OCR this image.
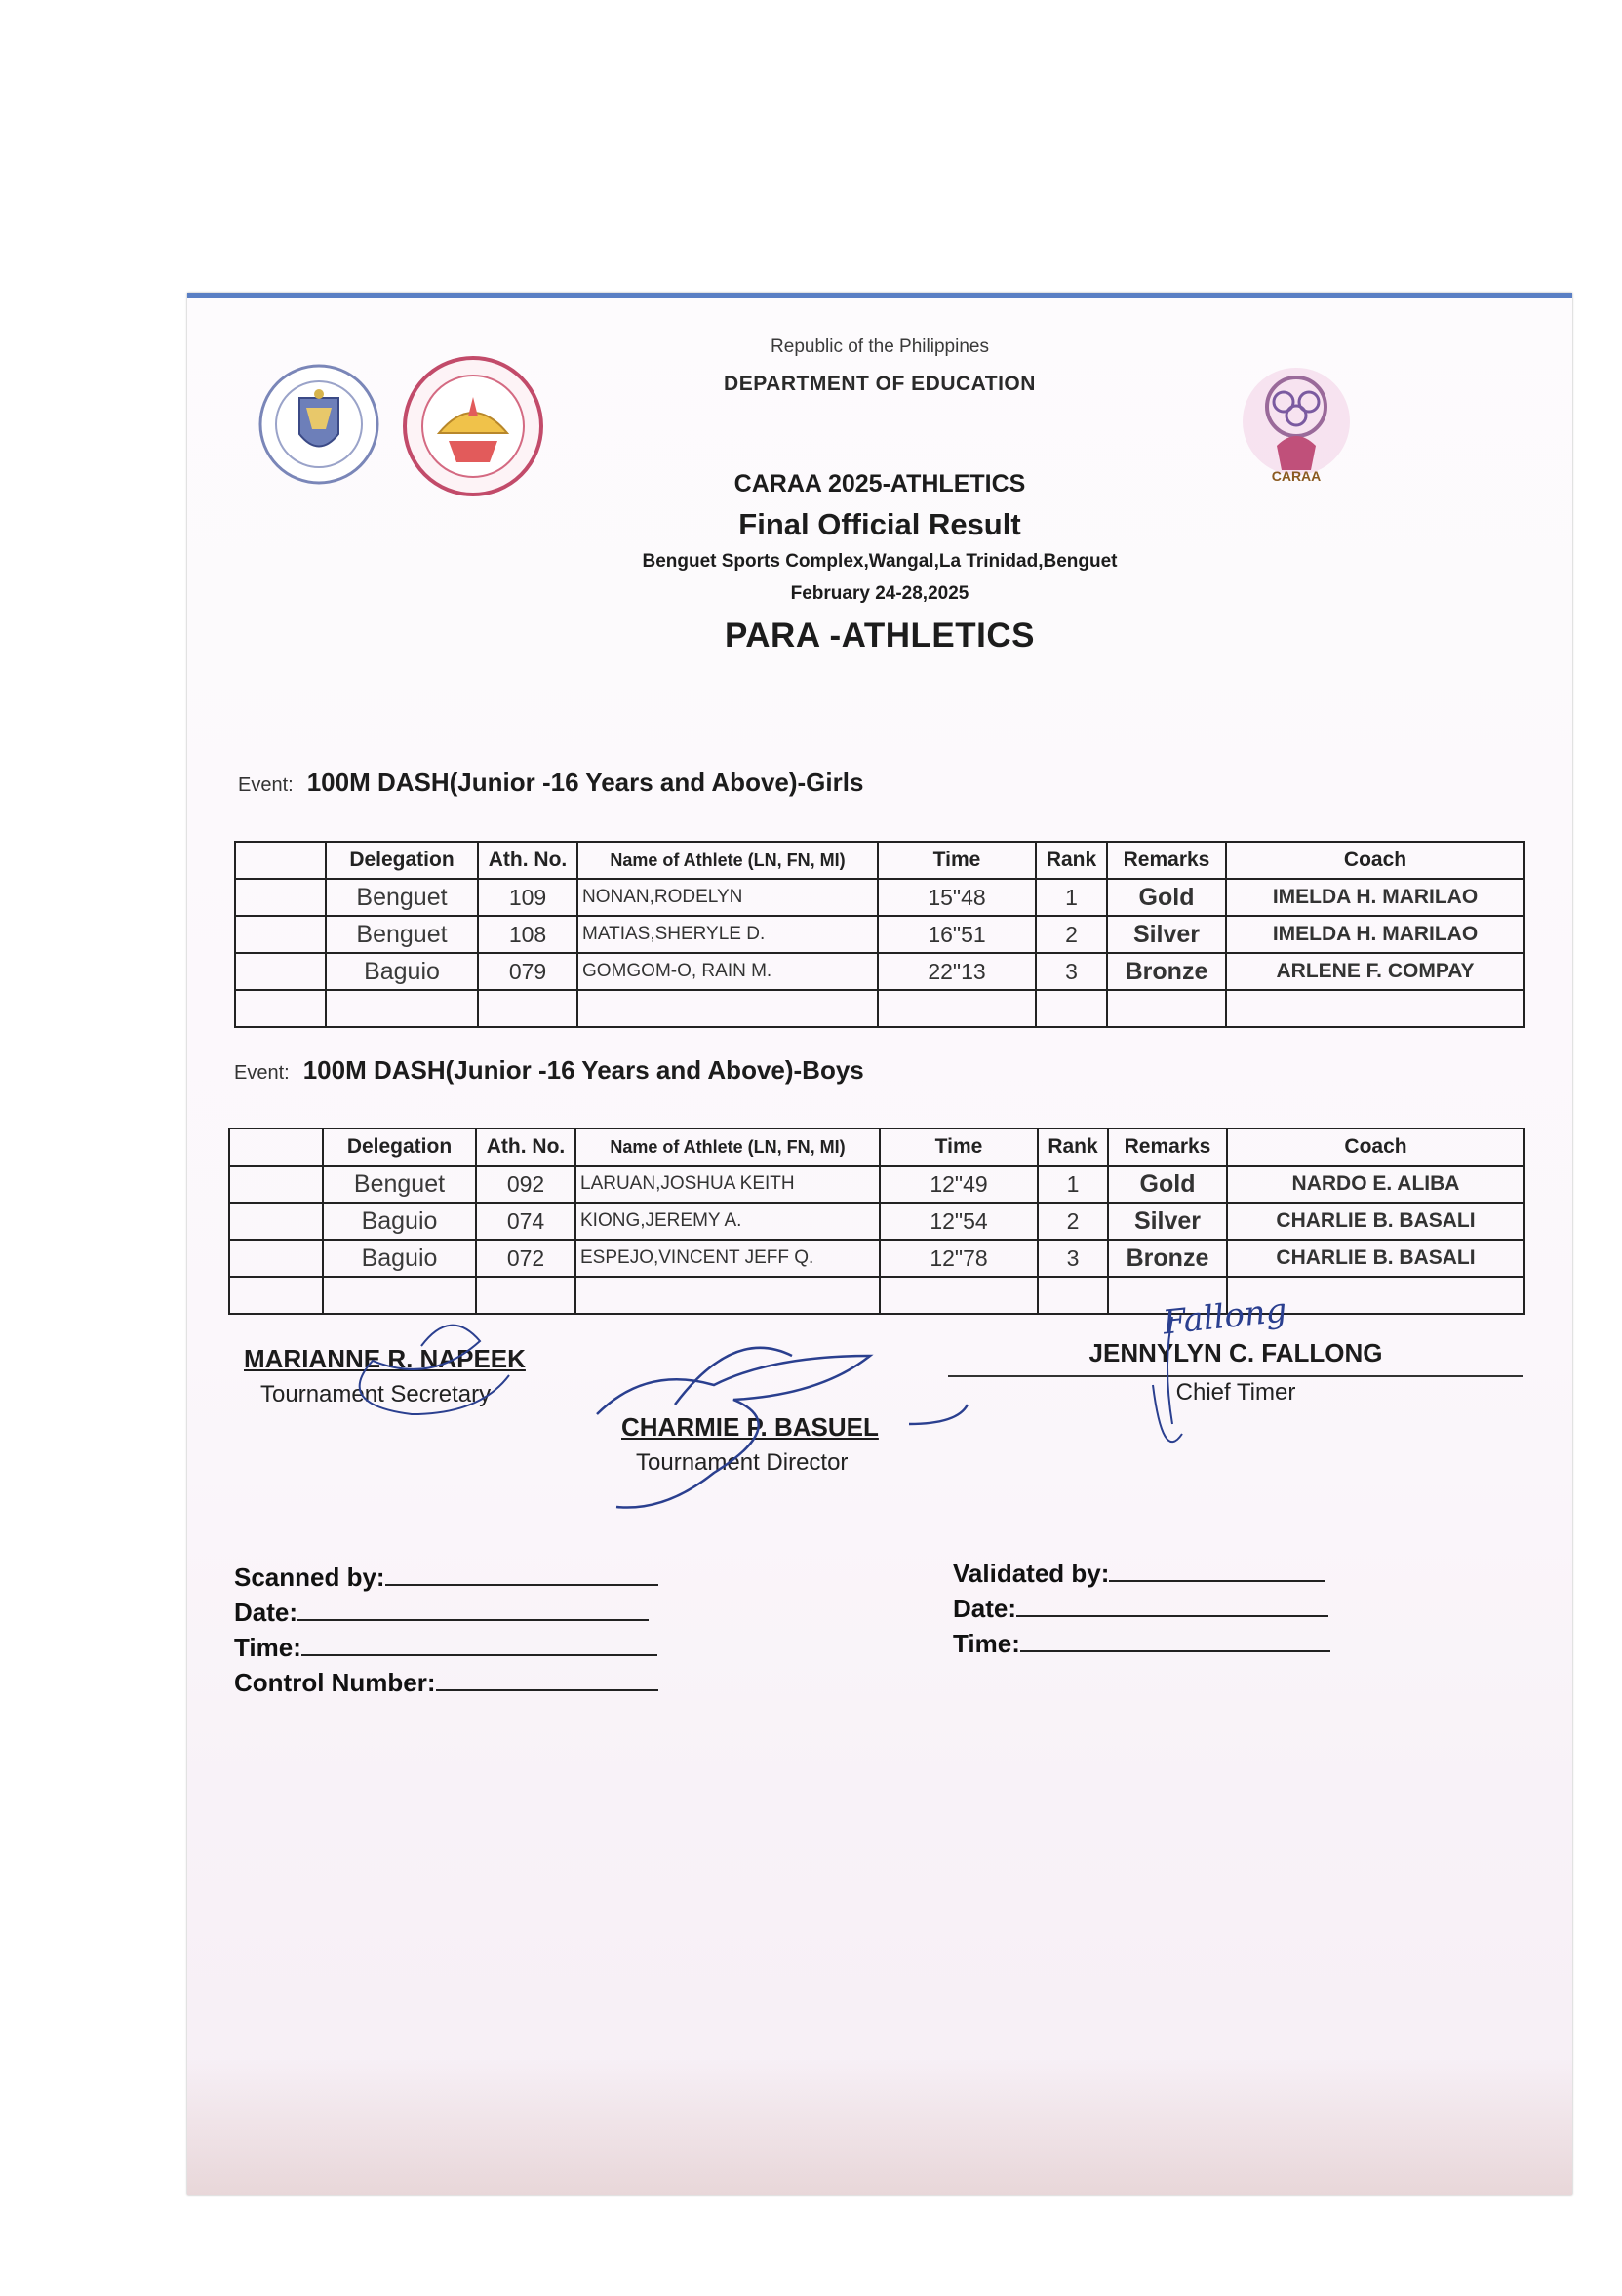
CARAA
Republic of the Philippines
DEPARTMENT OF EDUCATION
CARAA 2025-ATHLETICS
Final Official Result
Benguet Sports Complex,Wangal,La Trinidad,Benguet
February 24-28,2025
PARA -ATHLETICS
Event: 100M DASH(Junior -16 Years and Above)-Girls
	Delegation	Ath. No.	Name of Athlete (LN, FN, MI)	Time	Rank	Remarks	Coach
	Benguet	109	NONAN,RODELYN	15"48	1	Gold	IMELDA H. MARILAO
	Benguet	108	MATIAS,SHERYLE D.	16"51	2	Silver	IMELDA H. MARILAO
	Baguio	079	GOMGOM-O, RAIN M.	22"13	3	Bronze	ARLENE F. COMPAY

Event: 100M DASH(Junior -16 Years and Above)-Boys
	Delegation	Ath. No.	Name of Athlete (LN, FN, MI)	Time	Rank	Remarks	Coach
	Benguet	092	LARUAN,JOSHUA KEITH	12"49	1	Gold	NARDO E. ALIBA
	Baguio	074	KIONG,JEREMY A.	12"54	2	Silver	CHARLIE B. BASALI
	Baguio	072	ESPEJO,VINCENT JEFF Q.	12"78	3	Bronze	CHARLIE B. BASALI

MARIANNE R. NAPEEK
Tournament Secretary
JENNYLYN C. FALLONG
Chief Timer
Fallong
CHARMIE P. BASUEL
Tournament Director
Scanned by:
Date:
Time:
Control Number:
Validated by:
Date:
Time:
